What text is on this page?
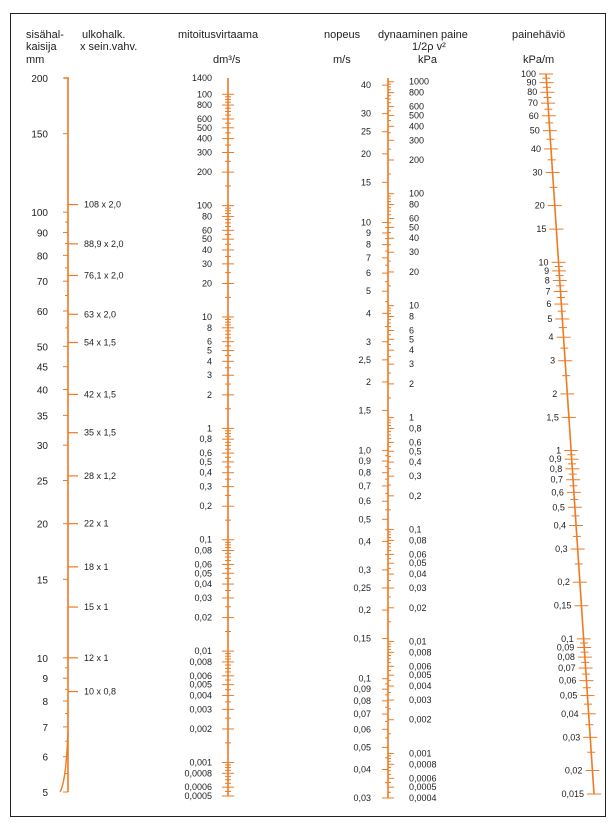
sisähal-
kaisija
mm
ulkohalk.
x sein.vahv.
mitoitusvirtaama
dm³/s
nopeus
m/s
dynaaminen paine
1/2ρ v²
kPa
painehäviö
kPa/m
200
150
100
90
80
70
60
50
45
40
35
30
25
20
15
10
9
8
7
6
5
108 x 2,0
88,9 x 2,0
76,1 x 2,0
63 x 2,0
54 x 1,5
42 x 1,5
35 x 1,5
28 x 1,2
22 x 1
18 x 1
15 x 1
12 x 1
10 x 0,8
1400
100
800
600
500
400
300
200
100
80
60
50
40
30
20
10
8
6
5
4
3
2
1
0,8
0,6
0,5
0,4
0,3
0,2
0,1
0,08
0,06
0,05
0,04
0,03
0,02
0,01
0,008
0,006
0,005
0,004
0,003
0,002
0,001
0,0008
0,0006
0,0005
40
30
25
20
15
10
9
8
7
6
5
4
3
2,5
2
1,5
1,0
0,9
0,8
0,7
0,6
0,5
0,4
0,3
0,25
0,2
0,15
0,1
0,09
0,08
0,07
0,06
0,05
0,04
0,03
1000
800
600
500
400
300
200
100
80
60
50
40
30
20
10
8
6
5
4
3
2
1
0,8
0,6
0,5
0,4
0,3
0,2
0,1
0,08
0,06
0,05
0,04
0,03
0,02
0,01
0,008
0,006
0,005
0,004
0,003
0,002
0,001
0,0008
0,0006
0,0005
0,0004
100
90
80
70
60
50
40
30
20
15
10
9
8
7
6
5
4
3
2
1,5
1
0,9
0,8
0,7
0,6
0,5
0,4
0,3
0,2
0,15
0,1
0,09
0,08
0,07
0,06
0,05
0,04
0,03
0,02
0,015
